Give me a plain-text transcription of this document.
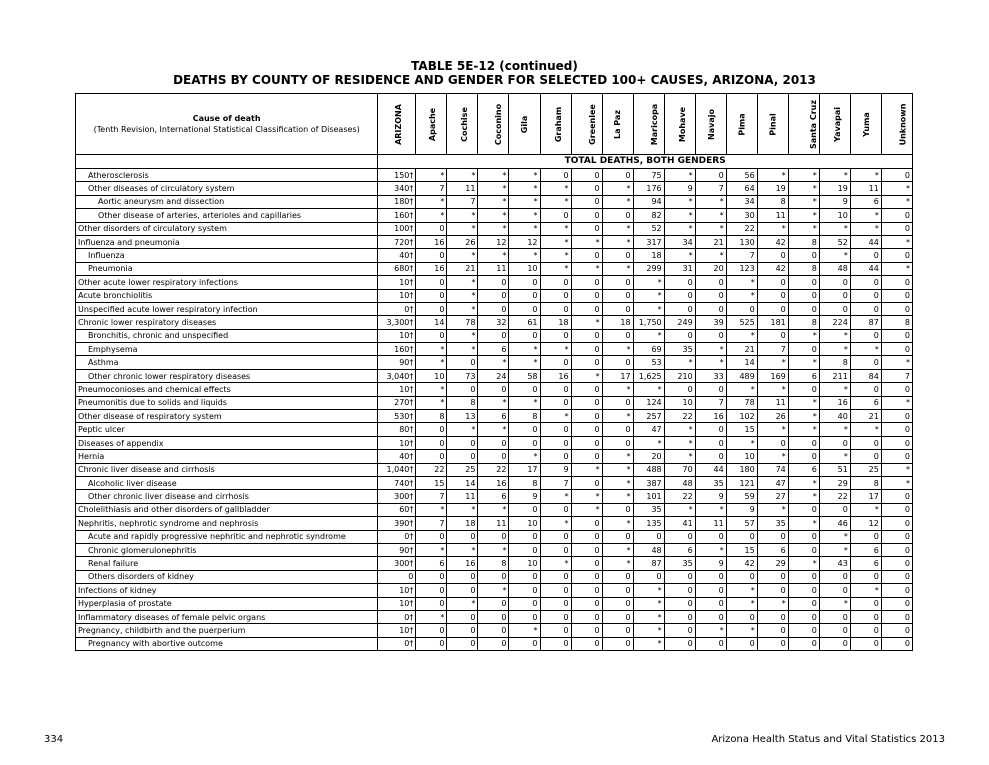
TABLE 5E-12 (continued)
DEATHS BY COUNTY OF RESIDENCE AND GENDER FOR SELECTED 100+ CAUSES, ARIZONA, 2013
Cause of death
(Tenth Revision, International Statistical Classification of Diseases)	ARIZONA	Apache	Cochise	Coconino	Gila	Graham	Greenlee	La Paz	Maricopa	Mohave	Navajo	Pima	Pinal	Santa Cruz	Yavapai	Yuma	Unknown
	TOTAL DEATHS, BOTH GENDERS																
Atherosclerosis	150†	*	*	*	*	0	0	0	75	*	0	56	*	*	*	*	0
Other diseases of circulatory system	340†	7	11	*	*	*	0	*	176	9	7	64	19	*	19	11	*
Aortic aneurysm and dissection	180†	*	7	*	*	*	0	*	94	*	*	34	8	*	9	6	*
Other disease of arteries, arterioles and capillaries	160†	*	*	*	*	0	0	0	82	*	*	30	11	*	10	*	0
Other disorders of circulatory system	100†	0	*	*	*	*	0	*	52	*	*	22	*	*	*	*	0
Influenza and pneumonia	720†	16	26	12	12	*	*	*	317	34	21	130	42	8	52	44	*
Influenza	40†	0	*	*	*	*	0	0	18	*	*	7	0	0	*	0	0
Pneumonia	680†	16	21	11	10	*	*	*	299	31	20	123	42	8	48	44	*
Other acute lower respiratory infections	10†	0	*	0	0	0	0	0	*	0	0	*	0	0	0	0	0
Acute bronchiolitis	10†	0	*	0	0	0	0	0	*	0	0	*	0	0	0	0	0
Unspecified acute lower respiratory infection	0†	0	*	0	0	0	0	0	*	0	0	0	0	0	0	0	0
Chronic lower respiratory diseases	3,300†	14	78	32	61	18	*	18	1,750	249	39	525	181	8	224	87	8
Bronchitis, chronic and unspecified	10†	0	*	0	0	0	0	0	*	0	0	*	0	*	*	0	0
Emphysema	160†	*	*	6	*	*	0	*	69	35	*	21	7	0	*	*	0
Asthma	90†	*	0	*	*	0	0	0	53	*	*	14	*	*	8	0	*
Other chronic lower respiratory diseases	3,040†	10	73	24	58	16	*	17	1,625	210	33	489	169	6	211	84	7
Pneumoconioses and chemical effects	10†	*	0	0	0	0	0	*	*	0	0	*	*	0	*	0	0
Pneumonitis due to solids and liquids	270†	*	8	*	*	0	0	0	124	10	7	78	11	*	16	6	*
Other disease of respiratory system	530†	8	13	6	8	*	0	*	257	22	16	102	26	*	40	21	0
Peptic ulcer	80†	0	*	*	0	0	0	0	47	*	0	15	*	*	*	*	0
Diseases of appendix	10†	0	0	0	0	0	0	0	*	*	0	*	0	0	0	0	0
Hernia	40†	0	0	0	*	0	0	*	20	*	0	10	*	0	*	0	0
Chronic liver disease and cirrhosis	1,040†	22	25	22	17	9	*	*	488	70	44	180	74	6	51	25	*
Alcoholic liver disease	740†	15	14	16	8	7	0	*	387	48	35	121	47	*	29	8	*
Other chronic liver disease and cirrhosis	300†	7	11	6	9	*	*	*	101	22	9	59	27	*	22	17	0
Cholelithiasis and other disorders of gallbladder	60†	*	*	*	0	0	*	0	35	*	*	9	*	0	0	*	0
Nephritis, nephrotic syndrome and nephrosis	390†	7	18	11	10	*	0	*	135	41	11	57	35	*	46	12	0
Acute and rapidly progressive nephritic and nephrotic syndrome	0†	0	0	0	0	0	0	0	0	0	0	0	0	0	*	0	0
Chronic glomerulonephritis	90†	*	*	*	0	0	0	*	48	6	*	15	6	0	*	6	0
Renal failure	300†	6	16	8	10	*	0	*	87	35	9	42	29	*	43	6	0
Others disorders of kidney	0	0	0	0	0	0	0	0	0	0	0	0	0	0	0	0	0
Infections of kidney	10†	0	0	*	0	0	0	0	*	0	0	*	0	0	0	*	0
Hyperplasia of prostate	10†	0	*	0	0	0	0	0	*	0	0	*	*	0	*	0	0
Inflammatory diseases of female pelvic organs	0†	*	0	0	0	0	0	0	*	0	0	0	0	0	0	0	0
Pregnancy, childbirth and the puerperium	10†	0	0	0	*	0	0	0	*	0	*	*	0	0	0	0	0
Pregnancy with abortive outcome	0†	0	0	0	0	0	0	0	*	0	0	0	0	0	0	0	0
334	Arizona Health Status and Vital Statistics 2013
